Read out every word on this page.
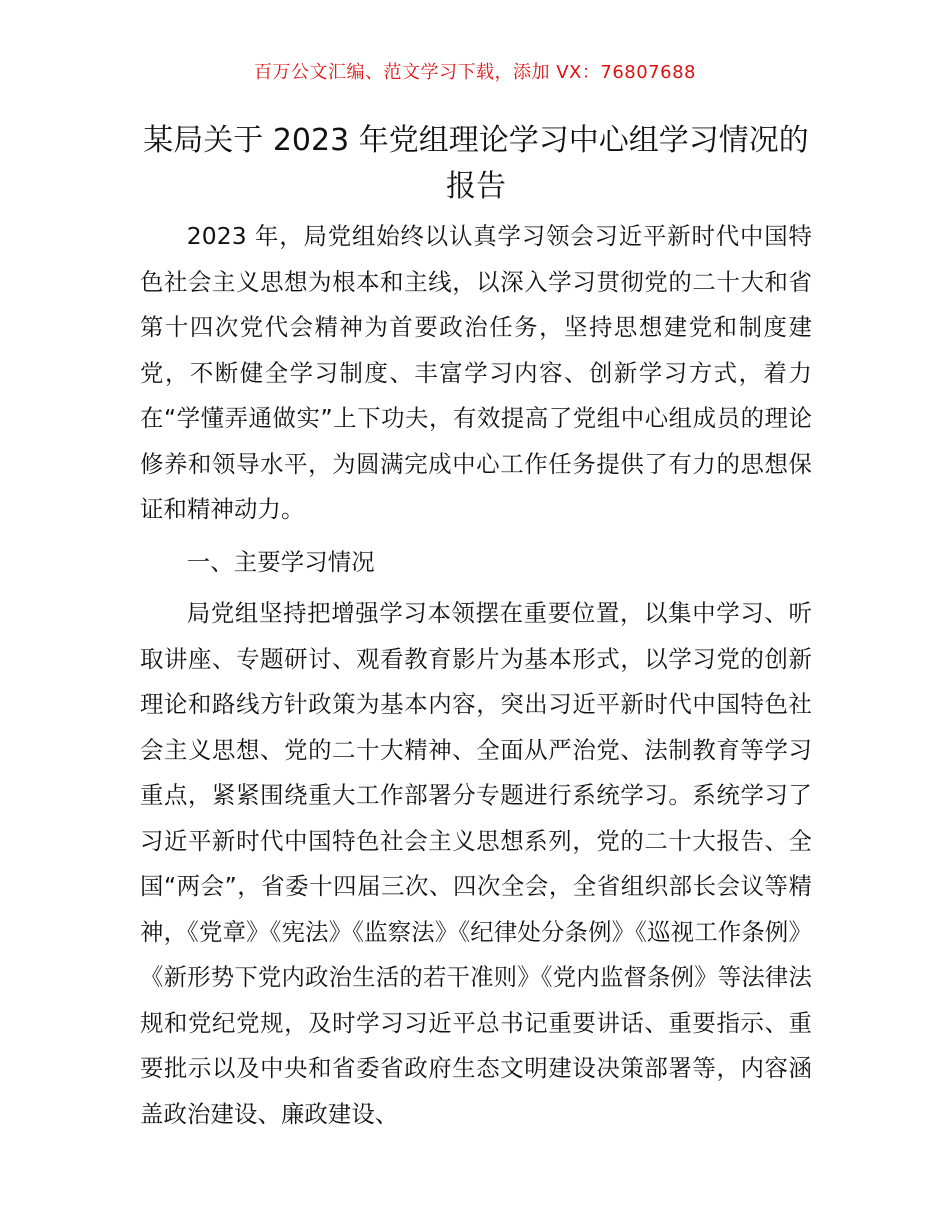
百万公文汇编、范文学习下载，添加 VX：76807688
某局关于 2023 年党组理论学习中心组学习情况的报告

2023 年，局党组始终以认真学习领会习近平新时代中国特色社会主义思想为根本和主线，以深入学习贯彻党的二十大和省第十四次党代会精神为首要政治任务，坚持思想建党和制度建党，不断健全学习制度、丰富学习内容、创新学习方式，着力在“学懂弄通做实”上下功夫，有效提高了党组中心组成员的理论修养和领导水平，为圆满完成中心工作任务提供了有力的思想保证和精神动力。

一、主要学习情况

局党组坚持把增强学习本领摆在重要位置，以集中学习、听取讲座、专题研讨、观看教育影片为基本形式，以学习党的创新理论和路线方针政策为基本内容，突出习近平新时代中国特色社会主义思想、党的二十大精神、全面从严治党、法制教育等学习重点，紧紧围绕重大工作部署分专题进行系统学习。系统学习了习近平新时代中国特色社会主义思想系列，党的二十大报告、全国“两会”，省委十四届三次、四次全会，全省组织部长会议等精神，《党章》《宪法》《监察法》《纪律处分条例》《巡视工作条例》《新形势下党内政治生活的若干准则》《党内监督条例》等法律法规和党纪党规，及时学习习近平总书记重要讲话、重要指示、重要批示以及中央和省委省政府生态文明建设决策部署等，内容涵盖政治建设、廉政建设、
